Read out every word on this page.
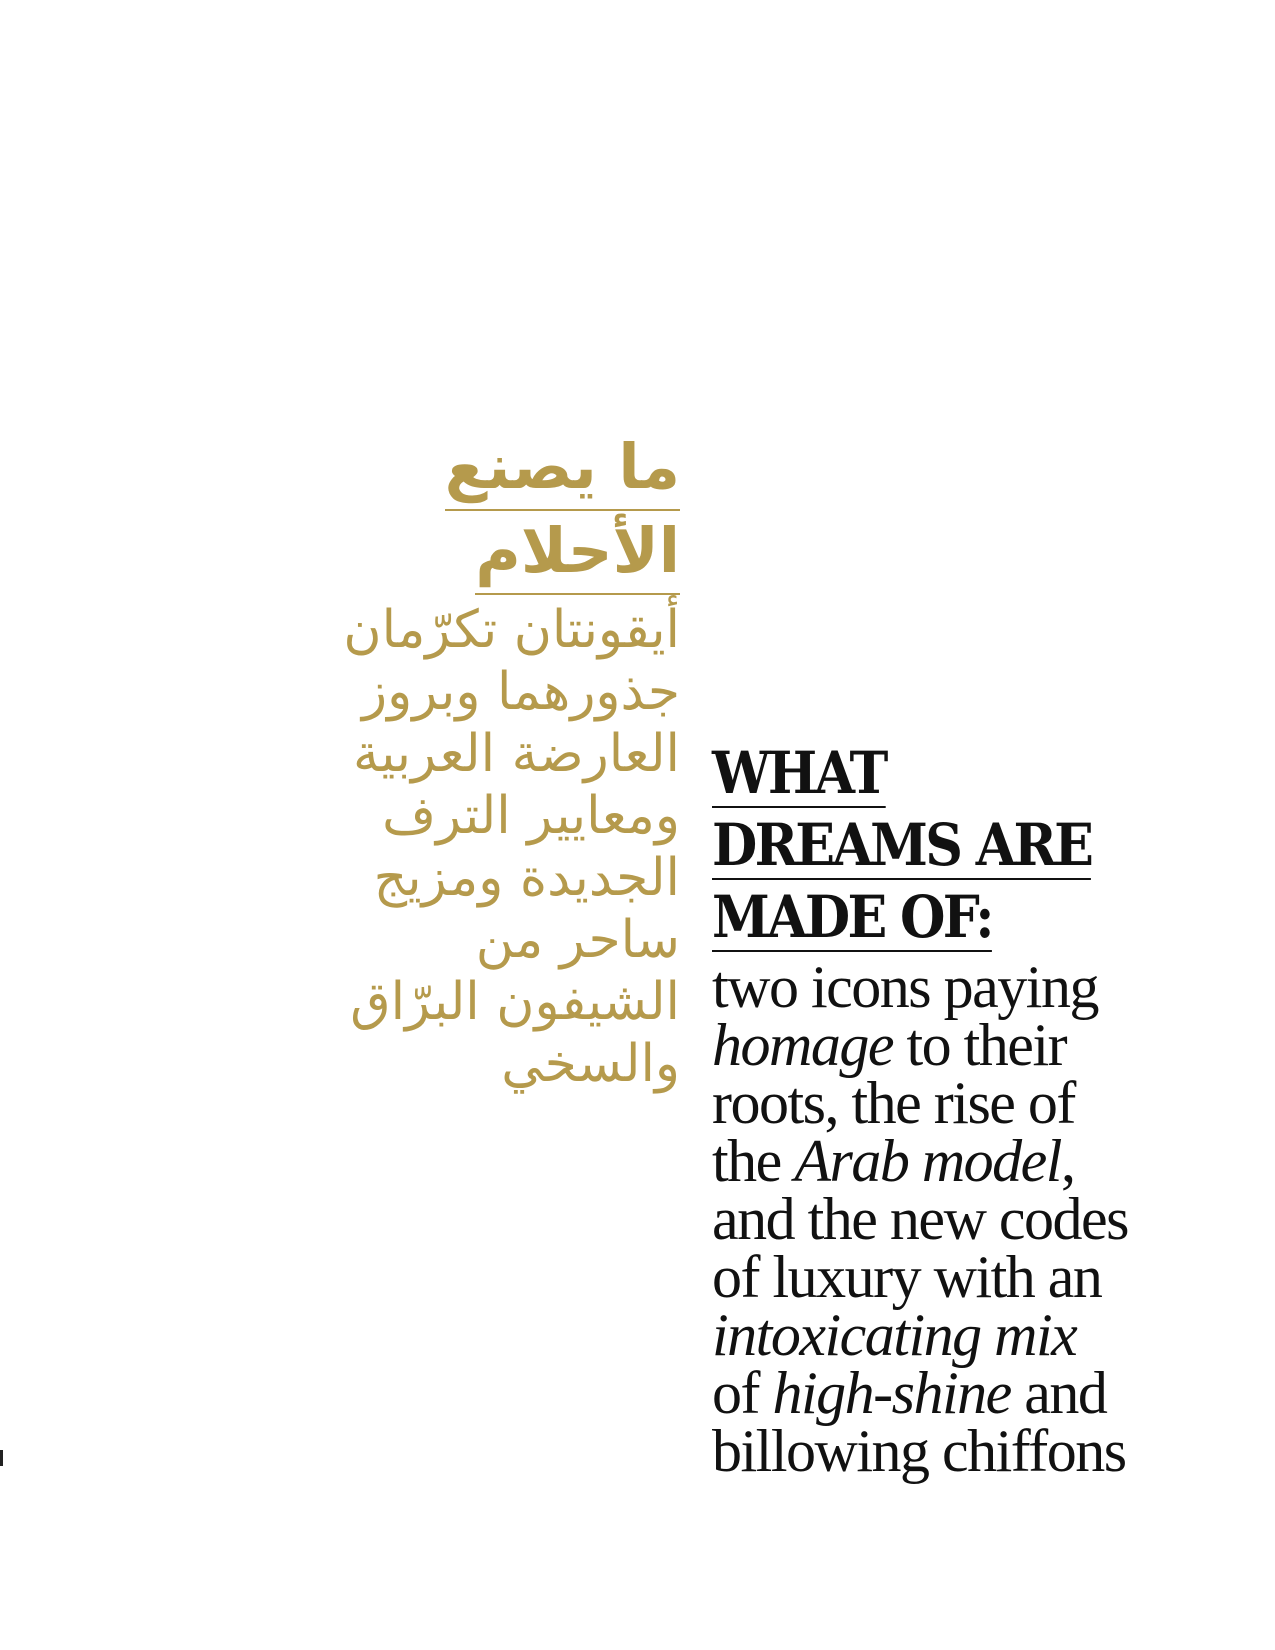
ما يصنع
الأحلام
أيقونتان تكرّمان
جذورهما وبروز
العارضة العربية
ومعايير الترف
الجديدة ومزيج
ساحر من
الشيفون البرّاق
والسخي
WHAT
DREAMS ARE
MADE OF:
two icons paying
homage to their
roots, the rise of
the Arab model,
and the new codes
of luxury with an
intoxicating mix
of high-shine and
billowing chiffons
